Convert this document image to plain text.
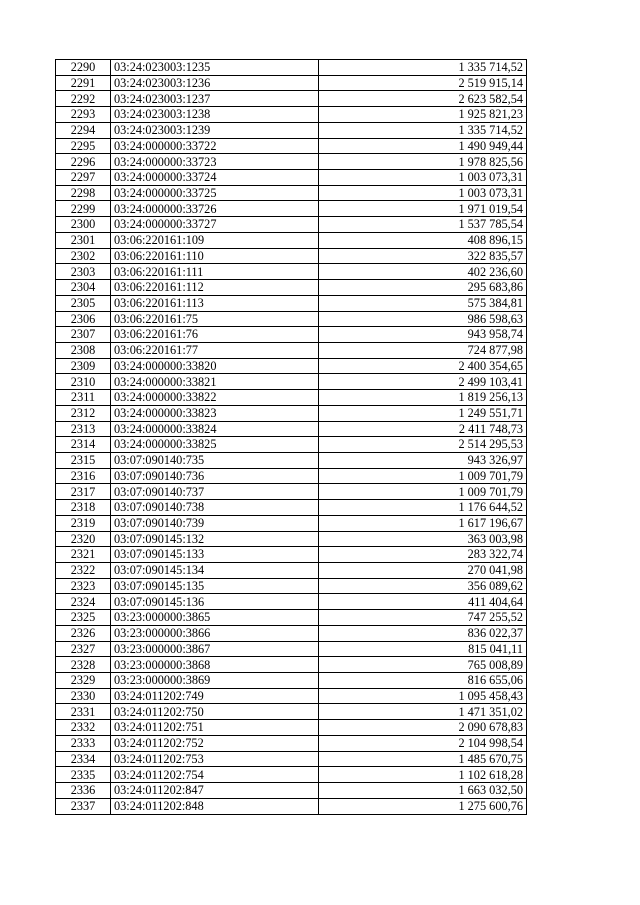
2290	03:24:023003:1235	1 335 714,52
2291	03:24:023003:1236	2 519 915,14
2292	03:24:023003:1237	2 623 582,54
2293	03:24:023003:1238	1 925 821,23
2294	03:24:023003:1239	1 335 714,52
2295	03:24:000000:33722	1 490 949,44
2296	03:24:000000:33723	1 978 825,56
2297	03:24:000000:33724	1 003 073,31
2298	03:24:000000:33725	1 003 073,31
2299	03:24:000000:33726	1 971 019,54
2300	03:24:000000:33727	1 537 785,54
2301	03:06:220161:109	408 896,15
2302	03:06:220161:110	322 835,57
2303	03:06:220161:111	402 236,60
2304	03:06:220161:112	295 683,86
2305	03:06:220161:113	575 384,81
2306	03:06:220161:75	986 598,63
2307	03:06:220161:76	943 958,74
2308	03:06:220161:77	724 877,98
2309	03:24:000000:33820	2 400 354,65
2310	03:24:000000:33821	2 499 103,41
2311	03:24:000000:33822	1 819 256,13
2312	03:24:000000:33823	1 249 551,71
2313	03:24:000000:33824	2 411 748,73
2314	03:24:000000:33825	2 514 295,53
2315	03:07:090140:735	943 326,97
2316	03:07:090140:736	1 009 701,79
2317	03:07:090140:737	1 009 701,79
2318	03:07:090140:738	1 176 644,52
2319	03:07:090140:739	1 617 196,67
2320	03:07:090145:132	363 003,98
2321	03:07:090145:133	283 322,74
2322	03:07:090145:134	270 041,98
2323	03:07:090145:135	356 089,62
2324	03:07:090145:136	411 404,64
2325	03:23:000000:3865	747 255,52
2326	03:23:000000:3866	836 022,37
2327	03:23:000000:3867	815 041,11
2328	03:23:000000:3868	765 008,89
2329	03:23:000000:3869	816 655,06
2330	03:24:011202:749	1 095 458,43
2331	03:24:011202:750	1 471 351,02
2332	03:24:011202:751	2 090 678,83
2333	03:24:011202:752	2 104 998,54
2334	03:24:011202:753	1 485 670,75
2335	03:24:011202:754	1 102 618,28
2336	03:24:011202:847	1 663 032,50
2337	03:24:011202:848	1 275 600,76
